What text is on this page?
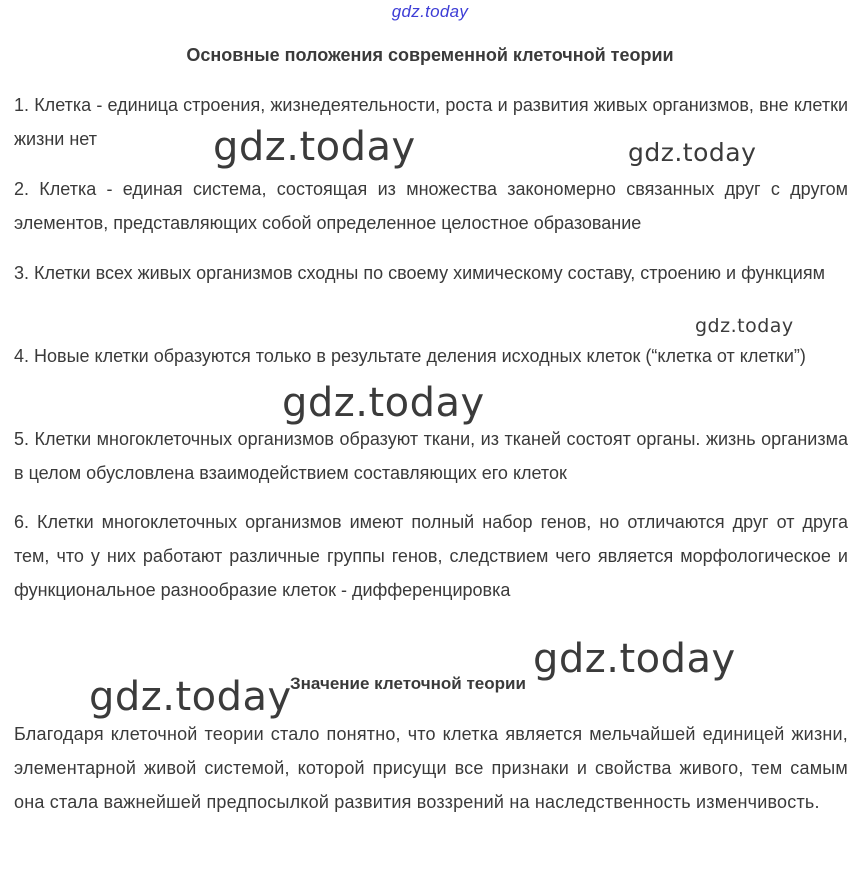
gdz.today
Основные положения современной клеточной теории

1. Клетка - единица строения, жизнедеятельности, роста и развития живых организмов, вне клетки жизни нет

2. Клетка - единая система, состоящая из множества закономерно связанных друг с другом элементов, представляющих собой определенное целостное образование

3. Клетки всех живых организмов сходны по своему химическому составу, строению и функциям

4. Новые клетки образуются только в результате деления исходных клеток (“клетка от клетки”)

5. Клетки многоклеточных организмов образуют ткани, из тканей состоят органы. жизнь организма в целом обусловлена взаимодействием составляющих его клеток

6. Клетки многоклеточных организмов имеют полный набор генов, но отличаются друг от друга тем, что у них работают различные группы генов, следствием чего является морфологическое и функциональное разнообразие клеток - дифференцировка

Значение клеточной теории

Благодаря клеточной теории стало понятно, что клетка является мельчайшей единицей жизни, элементарной живой системой, которой присущи все признаки и свойства живого, тем самым она стала важнейшей предпосылкой развития воззрений на наследственность изменчивость.

gdz.today	gdz.today
gdz.today
gdz.today
gdz.today
gdz.today
